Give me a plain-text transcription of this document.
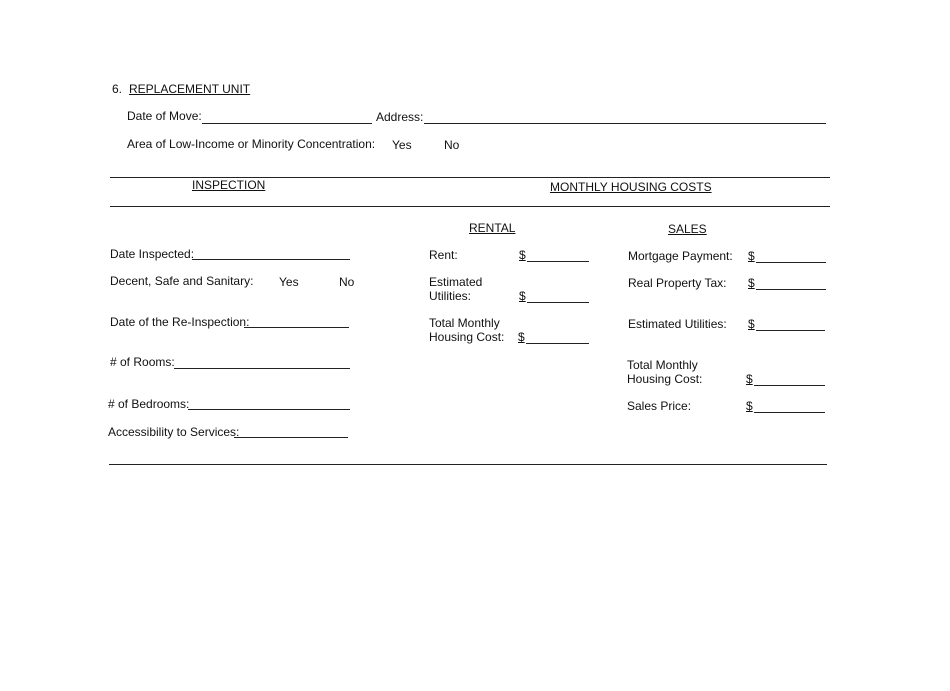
6. REPLACEMENT UNIT
Date of Move:	Address:
Area of Low-Income or Minority Concentration: Yes	No
INSPECTION	MONTHLY HOUSING COSTS
RENTAL	SALES
Date Inspected:
Decent, Safe and Sanitary: Yes	No
Date of the Re-Inspection:
# of Rooms:
# of Bedrooms:
Accessibility to Services:
Rent:	$
Estimated
Utilities:	$
Total Monthly
Housing Cost: $
Mortgage Payment: $
Real Property Tax: $
Estimated Utilities: $
Total Monthly
Housing Cost:	$
Sales Price:	$
